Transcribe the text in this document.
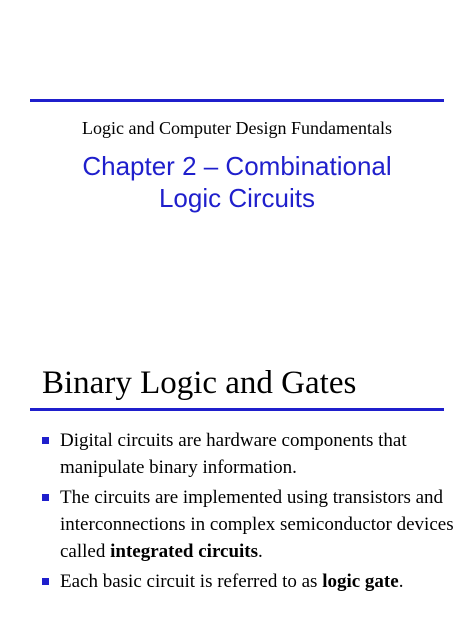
Logic and Computer Design Fundamentals
Chapter 2 – Combinational
Logic Circuits
Binary Logic and Gates
Digital circuits are hardware components that manipulate binary information.
The circuits are implemented using transistors and interconnections in complex semiconductor devices called integrated circuits.
Each basic circuit is referred to as logic gate.
